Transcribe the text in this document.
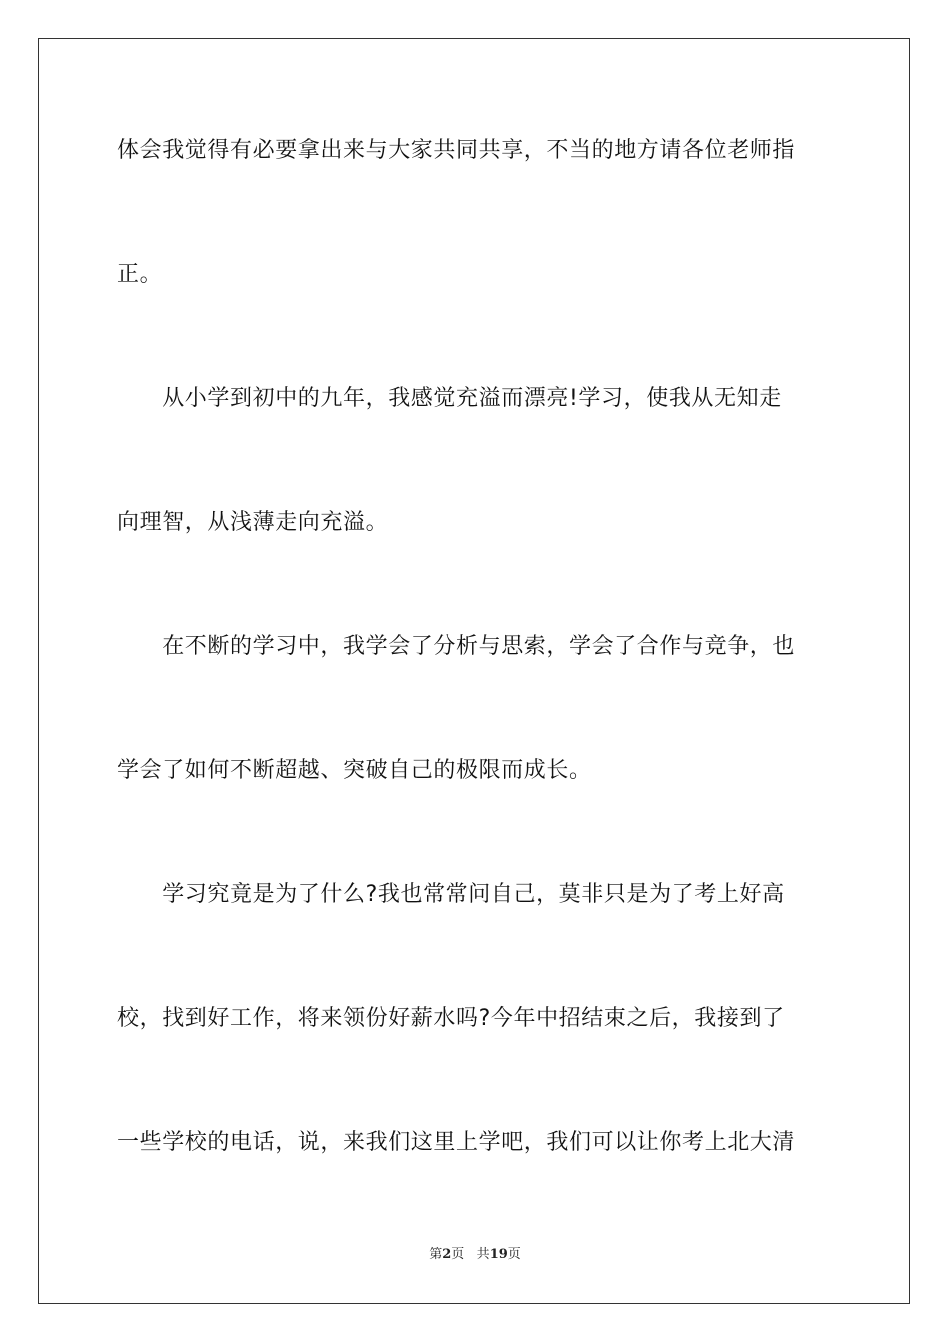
体会我觉得有必要拿出来与大家共同共享，不当的地方请各位老师指
正。
　　从小学到初中的九年，我感觉充溢而漂亮!学习，使我从无知走
向理智，从浅薄走向充溢。
　　在不断的学习中，我学会了分析与思索，学会了合作与竞争，也
学会了如何不断超越、突破自己的极限而成长。
　　学习究竟是为了什么?我也常常问自己，莫非只是为了考上好高
校，找到好工作，将来领份好薪水吗?今年中招结束之后，我接到了
一些学校的电话，说，来我们这里上学吧，我们可以让你考上北大清
第2页 共19页
